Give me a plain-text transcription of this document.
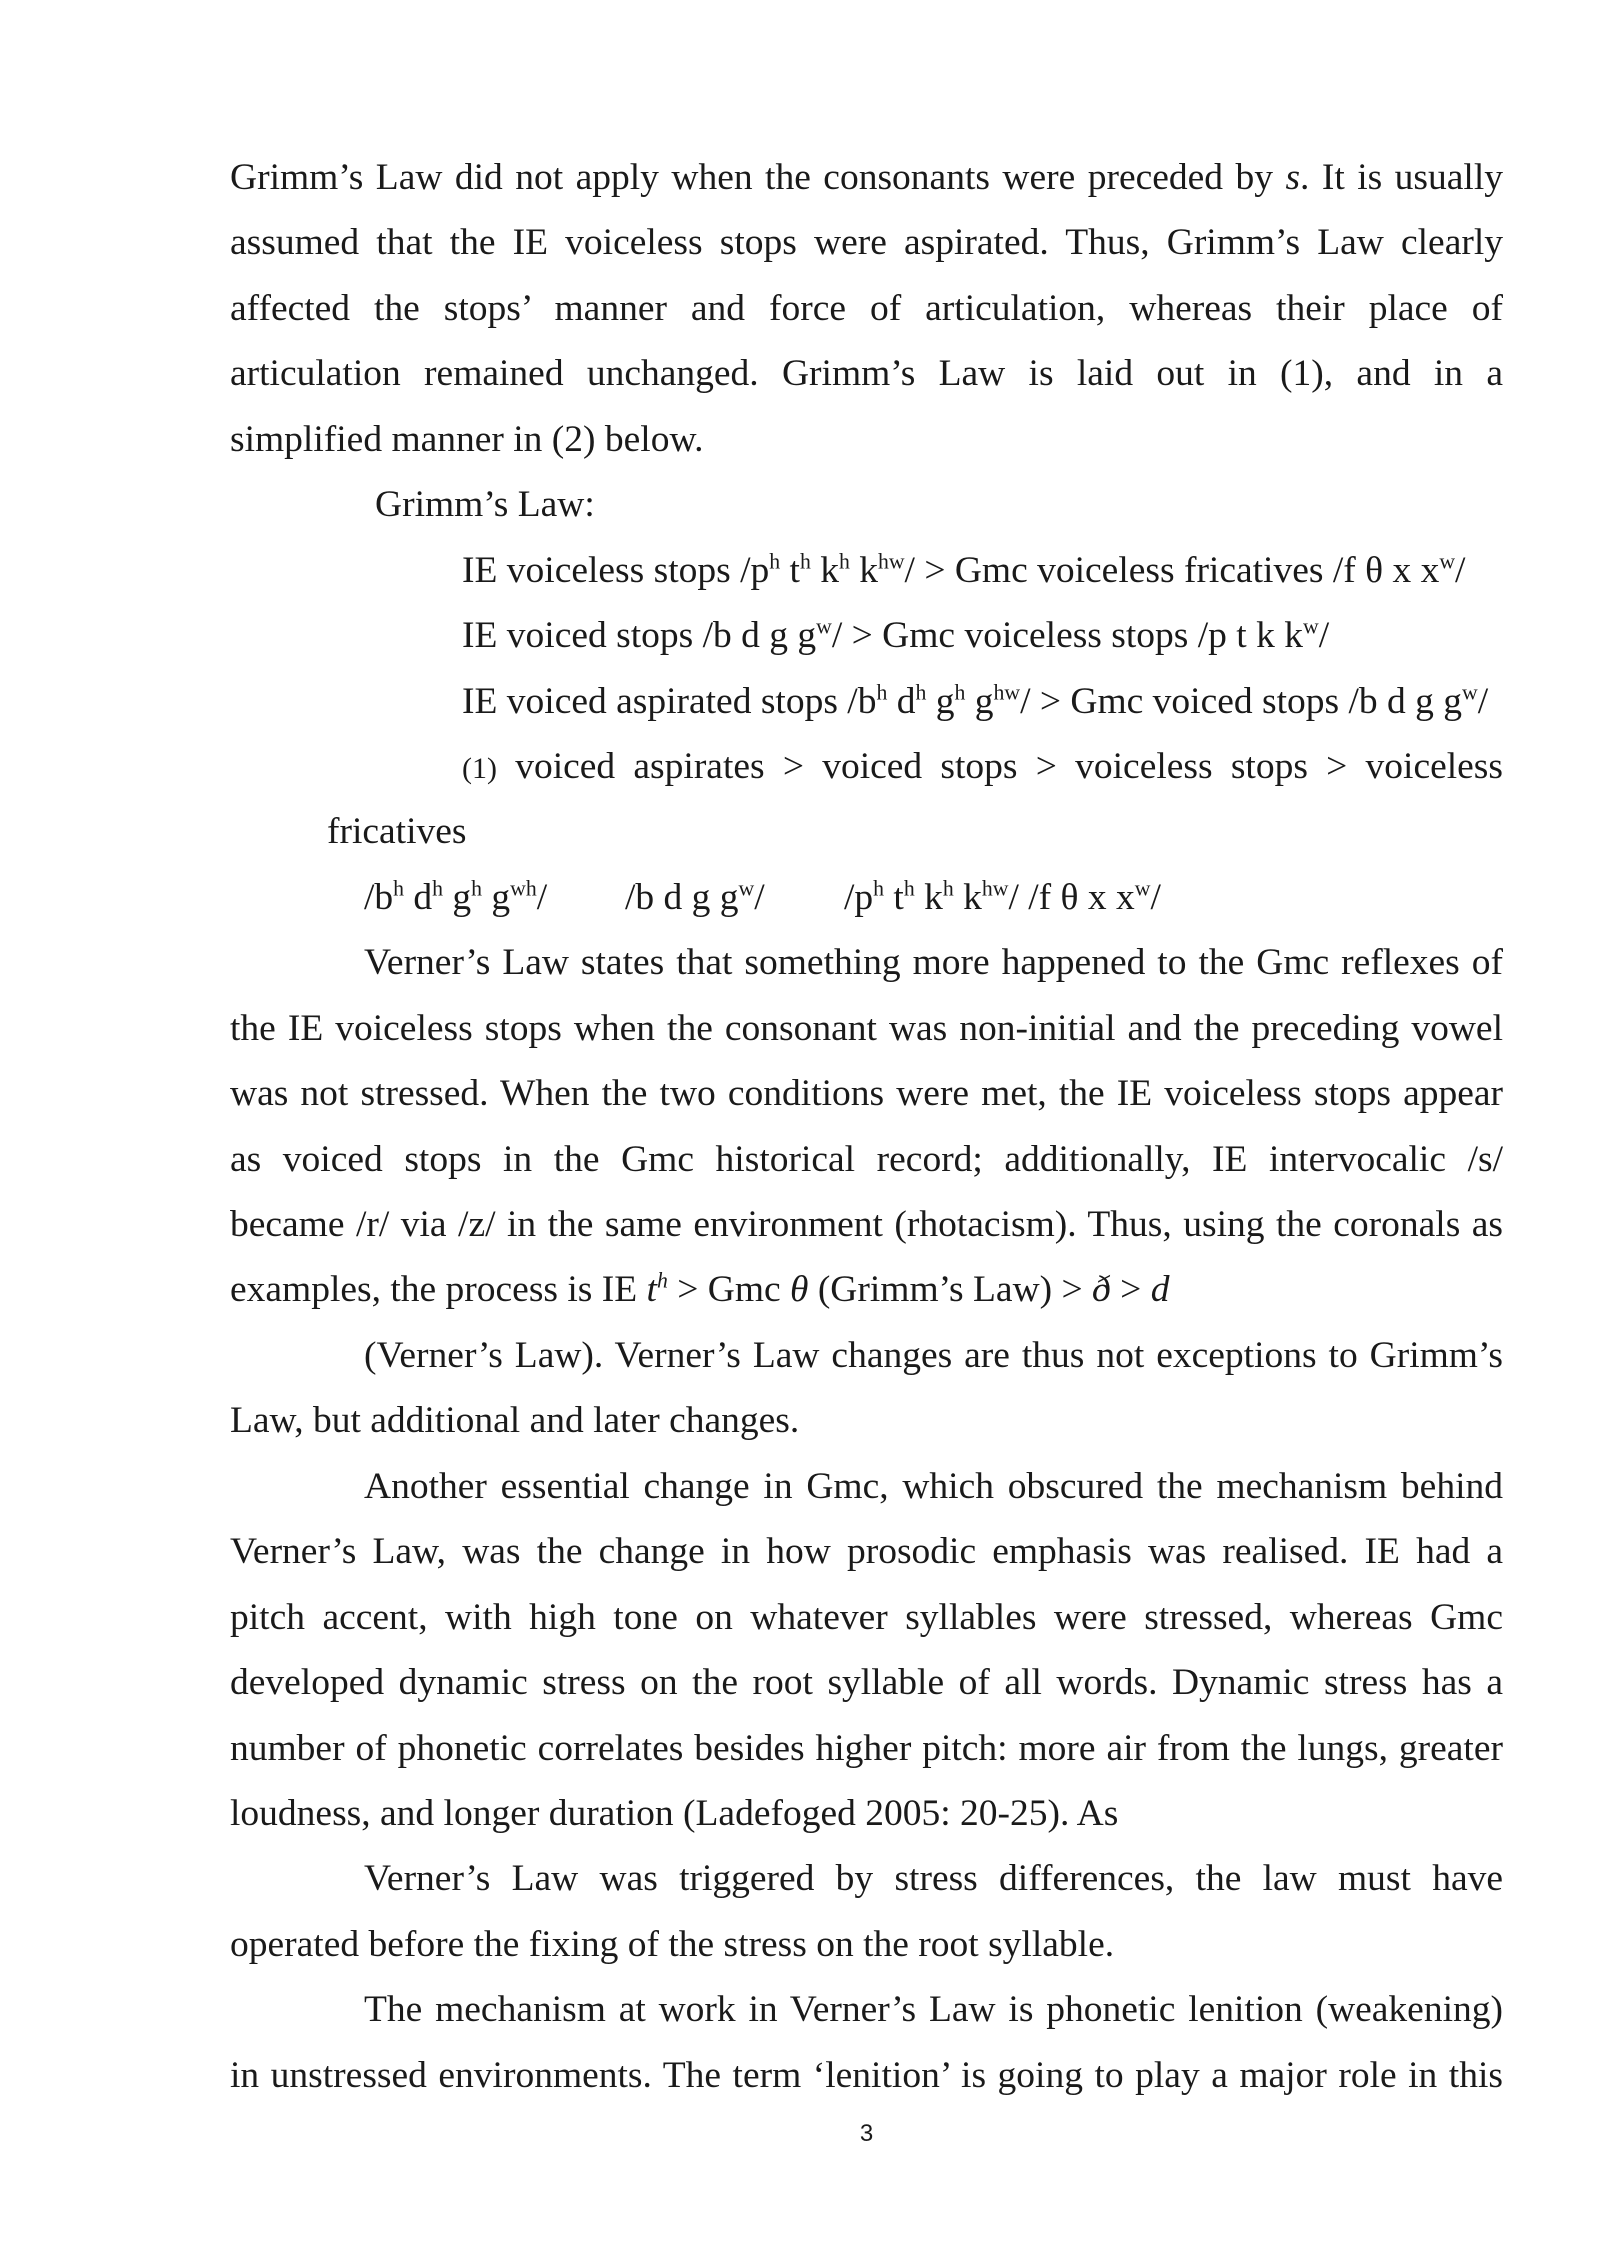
Grimm’s Law did not apply when the consonants were preceded by s. It is usually
assumed that the IE voiceless stops were aspirated. Thus, Grimm’s Law clearly
affected the stops’ manner and force of articulation, whereas their place of
articulation remained unchanged. Grimm’s Law is laid out in (1), and in a
simplified manner in (2) below.
Grimm’s Law:
IE voiceless stops $/p^h$ $t^h$ $k^h$ $k^{hw}/$ > Gmc voiceless fricatives /f θ x $x^w/$
IE voiced stops /b d g $g^w/$ > Gmc voiceless stops /p t k $k^w/$
IE voiced aspirated stops $/b^h$ $d^h$ $g^h$ $g^{hw}/$ > Gmc voiced stops /b d g $g^w/$
(1) voiced aspirates > voiced stops > voiceless stops > voiceless
fricatives
$/b^h$ $d^h$ $g^h$ $g^{wh}/$ /b d g $g^w/$ $/p^h$ $t^h$ $k^h$ $k^{hw}/$ /f θ x $x^w/$
Verner’s Law states that something more happened to the Gmc reflexes of
the IE voiceless stops when the consonant was non-initial and the preceding vowel
was not stressed. When the two conditions were met, the IE voiceless stops appear
as voiced stops in the Gmc historical record; additionally, IE intervocalic /s/
became /r/ via /z/ in the same environment (rhotacism). Thus, using the coronals as
examples, the process is IE $t^h$ > Gmc θ (Grimm’s Law) > ð > d
(Verner’s Law). Verner’s Law changes are thus not exceptions to Grimm’s
Law, but additional and later changes.
Another essential change in Gmc, which obscured the mechanism behind
Verner’s Law, was the change in how prosodic emphasis was realised. IE had a
pitch accent, with high tone on whatever syllables were stressed, whereas Gmc
developed dynamic stress on the root syllable of all words. Dynamic stress has a
number of phonetic correlates besides higher pitch: more air from the lungs, greater
loudness, and longer duration (Ladefoged 2005: 20-25). As
Verner’s Law was triggered by stress differences, the law must have
operated before the fixing of the stress on the root syllable.
The mechanism at work in Verner’s Law is phonetic lenition (weakening)
in unstressed environments. The term ‘lenition’ is going to play a major role in this
3
